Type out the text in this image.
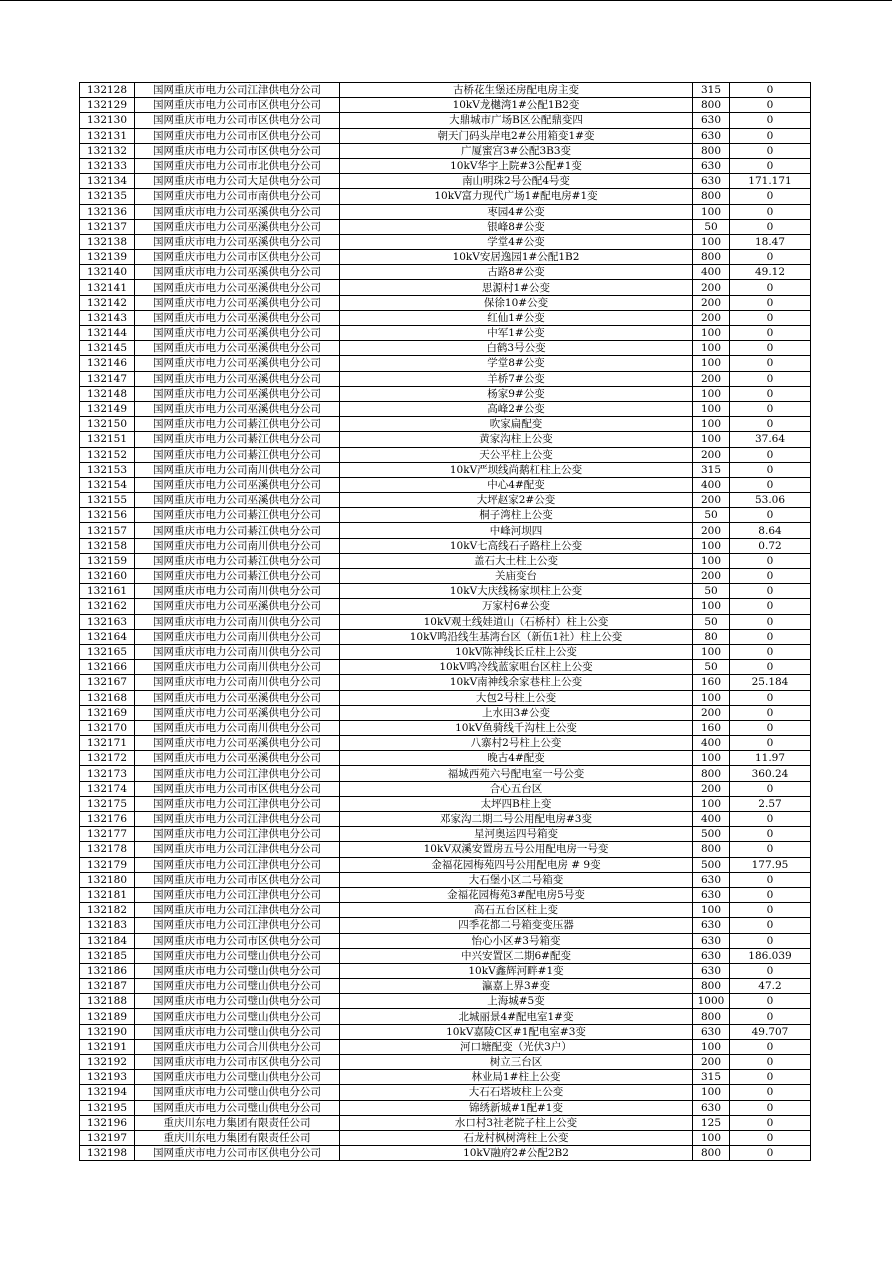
132128	国网重庆市电力公司江津供电分公司	古桥花生堡还房配电房主变	315	0
132129	国网重庆市电力公司市区供电分公司	10kV龙樾湾1#公配1B2变	800	0
132130	国网重庆市电力公司市区供电分公司	大鼎城市广场B区公配鼎变四	630	0
132131	国网重庆市电力公司市区供电分公司	朝天门码头岸电2#公用箱变1#变	630	0
132132	国网重庆市电力公司市区供电分公司	广厦蜜宫3#公配3B3变	800	0
132133	国网重庆市电力公司市北供电分公司	10kV华宇上院#3公配#1变	630	0
132134	国网重庆市电力公司大足供电分公司	南山明珠2号公配4号变	630	171.171
132135	国网重庆市电力公司市南供电分公司	10kV富力现代广场1#配电房#1变	800	0
132136	国网重庆市电力公司巫溪供电分公司	枣园4#公变	100	0
132137	国网重庆市电力公司巫溪供电分公司	银峰8#公变	50	0
132138	国网重庆市电力公司巫溪供电分公司	学堂4#公变	100	18.47
132139	国网重庆市电力公司市区供电分公司	10kV安居逸园1#公配1B2	800	0
132140	国网重庆市电力公司巫溪供电分公司	古路8#公变	400	49.12
132141	国网重庆市电力公司巫溪供电分公司	思源村1#公变	200	0
132142	国网重庆市电力公司巫溪供电分公司	保徐10#公变	200	0
132143	国网重庆市电力公司巫溪供电分公司	红仙1#公变	200	0
132144	国网重庆市电力公司巫溪供电分公司	中军1#公变	100	0
132145	国网重庆市电力公司巫溪供电分公司	白鹤3号公变	100	0
132146	国网重庆市电力公司巫溪供电分公司	学堂8#公变	100	0
132147	国网重庆市电力公司巫溪供电分公司	羊桥7#公变	200	0
132148	国网重庆市电力公司巫溪供电分公司	杨家9#公变	100	0
132149	国网重庆市电力公司巫溪供电分公司	高峰2#公变	100	0
132150	国网重庆市电力公司綦江供电分公司	吹家扁配变	100	0
132151	国网重庆市电力公司綦江供电分公司	黄家沟柱上公变	100	37.64
132152	国网重庆市电力公司綦江供电分公司	天公平柱上公变	200	0
132153	国网重庆市电力公司南川供电分公司	10kV严坝线尚鹅杠柱上公变	315	0
132154	国网重庆市电力公司巫溪供电分公司	中心4#配变	400	0
132155	国网重庆市电力公司巫溪供电分公司	大坪赵家2#公变	200	53.06
132156	国网重庆市电力公司綦江供电分公司	桐子湾柱上公变	50	0
132157	国网重庆市电力公司綦江供电分公司	中峰河坝四	200	8.64
132158	国网重庆市电力公司南川供电分公司	10kV七高线石子路柱上公变	100	0.72
132159	国网重庆市电力公司綦江供电分公司	盖石大土柱上公变	100	0
132160	国网重庆市电力公司綦江供电分公司	关庙变台	200	0
132161	国网重庆市电力公司南川供电分公司	10kV大庆线杨家坝柱上公变	50	0
132162	国网重庆市电力公司巫溪供电分公司	万家村6#公变	100	0
132163	国网重庆市电力公司南川供电分公司	10kV观土线娃道山（石桥村）柱上公变	50	0
132164	国网重庆市电力公司南川供电分公司	10kV鸣沿线生基湾台区（新伍1社）柱上公变	80	0
132165	国网重庆市电力公司南川供电分公司	10kV陈神线长丘柱上公变	100	0
132166	国网重庆市电力公司南川供电分公司	10kV鸣冷线蓝家咀台区柱上公变	50	0
132167	国网重庆市电力公司南川供电分公司	10kV南神线余家巷柱上公变	160	25.184
132168	国网重庆市电力公司巫溪供电分公司	大包2号柱上公变	100	0
132169	国网重庆市电力公司巫溪供电分公司	上水田3#公变	200	0
132170	国网重庆市电力公司南川供电分公司	10kV鱼骑线千沟柱上公变	160	0
132171	国网重庆市电力公司巫溪供电分公司	八寨村2号柱上公变	400	0
132172	国网重庆市电力公司巫溪供电分公司	晚古4#配变	100	11.97
132173	国网重庆市电力公司江津供电分公司	福城西苑六号配电室一号公变	800	360.24
132174	国网重庆市电力公司市区供电分公司	合心五台区	200	0
132175	国网重庆市电力公司江津供电分公司	太坪四B柱上变	100	2.57
132176	国网重庆市电力公司江津供电分公司	邓家沟二期二号公用配电房#3变	400	0
132177	国网重庆市电力公司江津供电分公司	星河奥运四号箱变	500	0
132178	国网重庆市电力公司江津供电分公司	10kV双溪安置房五号公用配电房一号变	800	0
132179	国网重庆市电力公司江津供电分公司	金福花园梅苑四号公用配电房 # 9变	500	177.95
132180	国网重庆市电力公司市区供电分公司	大石堡小区二号箱变	630	0
132181	国网重庆市电力公司江津供电分公司	金福花园梅苑3#配电房5号变	630	0
132182	国网重庆市电力公司江津供电分公司	高石五台区柱上变	100	0
132183	国网重庆市电力公司江津供电分公司	四季花都二号箱变变压器	630	0
132184	国网重庆市电力公司市区供电分公司	怡心小区#3号箱变	630	0
132185	国网重庆市电力公司璧山供电分公司	中兴安置区二期6#配变	630	186.039
132186	国网重庆市电力公司璧山供电分公司	10kV鑫辉河畔#1变	630	0
132187	国网重庆市电力公司璧山供电分公司	瀛嘉上界3#变	800	47.2
132188	国网重庆市电力公司璧山供电分公司	上海城#5变	1000	0
132189	国网重庆市电力公司璧山供电分公司	北城丽景4#配电室1#变	800	0
132190	国网重庆市电力公司璧山供电分公司	10kV嘉陵C区#1配电室#3变	630	49.707
132191	国网重庆市电力公司合川供电分公司	河口塘配变（光伏3户）	100	0
132192	国网重庆市电力公司市区供电分公司	树立三台区	200	0
132193	国网重庆市电力公司璧山供电分公司	林业局1#柱上公变	315	0
132194	国网重庆市电力公司璧山供电分公司	大石石塔坡柱上公变	100	0
132195	国网重庆市电力公司璧山供电分公司	锦绣新城#1配#1变	630	0
132196	重庆川东电力集团有限责任公司	水口村3社老院子柱上公变	125	0
132197	重庆川东电力集团有限责任公司	石龙村枫树湾柱上公变	100	0
132198	国网重庆市电力公司市区供电分公司	10kV融府2#公配2B2	800	0
